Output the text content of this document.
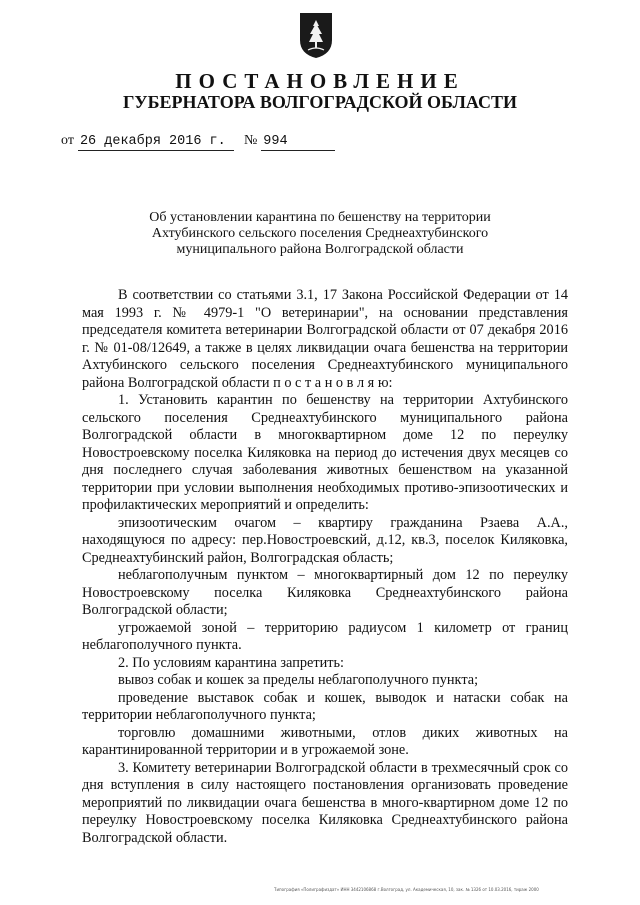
ПОСТАНОВЛЕНИЕ
ГУБЕРНАТОРА ВОЛГОГРАДСКОЙ ОБЛАСТИ
от 26 декабря 2016 г. № 994
Об установлении карантина по бешенству на территории
Ахтубинского сельского поселения Среднеахтубинского
муниципального района Волгоградской области

В соответствии со статьями 3.1, 17 Закона Российской Федерации от 14 мая 1993 г. № 4979-1 "О ветеринарии", на основании представления председателя комитета ветеринарии Волгоградской области от 07 декабря 2016 г. № 01-08/12649, а также в целях ликвидации очага бешенства на территории Ахтубинского сельского поселения Среднеахтубинского муниципального района Волгоградской области п о с т а н о в л я ю:

1. Установить карантин по бешенству на территории Ахтубинского сельского поселения Среднеахтубинского муниципального района Волгоградской области в многоквартирном доме 12 по переулку Новостроевскому поселка Киляковка на период до истечения двух месяцев со дня последнего случая заболевания животных бешенством на указанной территории при условии выполнения необходимых противо-эпизоотических и профилактических мероприятий и определить:

эпизоотическим очагом – квартиру гражданина Рзаева А.А., находящуюся по адресу: пер.Новостроевский, д.12, кв.3, поселок Киляковка, Среднеахтубинский район, Волгоградская область;

неблагополучным пунктом – многоквартирный дом 12 по переулку Новостроевскому поселка Киляковка Среднеахтубинского района Волгоградской области;

угрожаемой зоной – территорию радиусом 1 километр от границ неблагополучного пункта.

2. По условиям карантина запретить:

вывоз собак и кошек за пределы неблагополучного пункта;

проведение выставок собак и кошек, выводок и натаски собак на территории неблагополучного пункта;

торговлю домашними животными, отлов диких животных на карантинированной территории и в угрожаемой зоне.

3. Комитету ветеринарии Волгоградской области в трехмесячный срок со дня вступления в силу настоящего постановления организовать проведение мероприятий по ликвидации очага бешенства в много-квартирном доме 12 по переулку Новостроевскому поселка Киляковка Среднеахтубинского района Волгоградской области.

Типография «Полиграфиздат» ИНН 3442106868 г.Волгоград, ул. Академическая, 10, зак. № 1326 от 10.03.2016, тираж 2000
